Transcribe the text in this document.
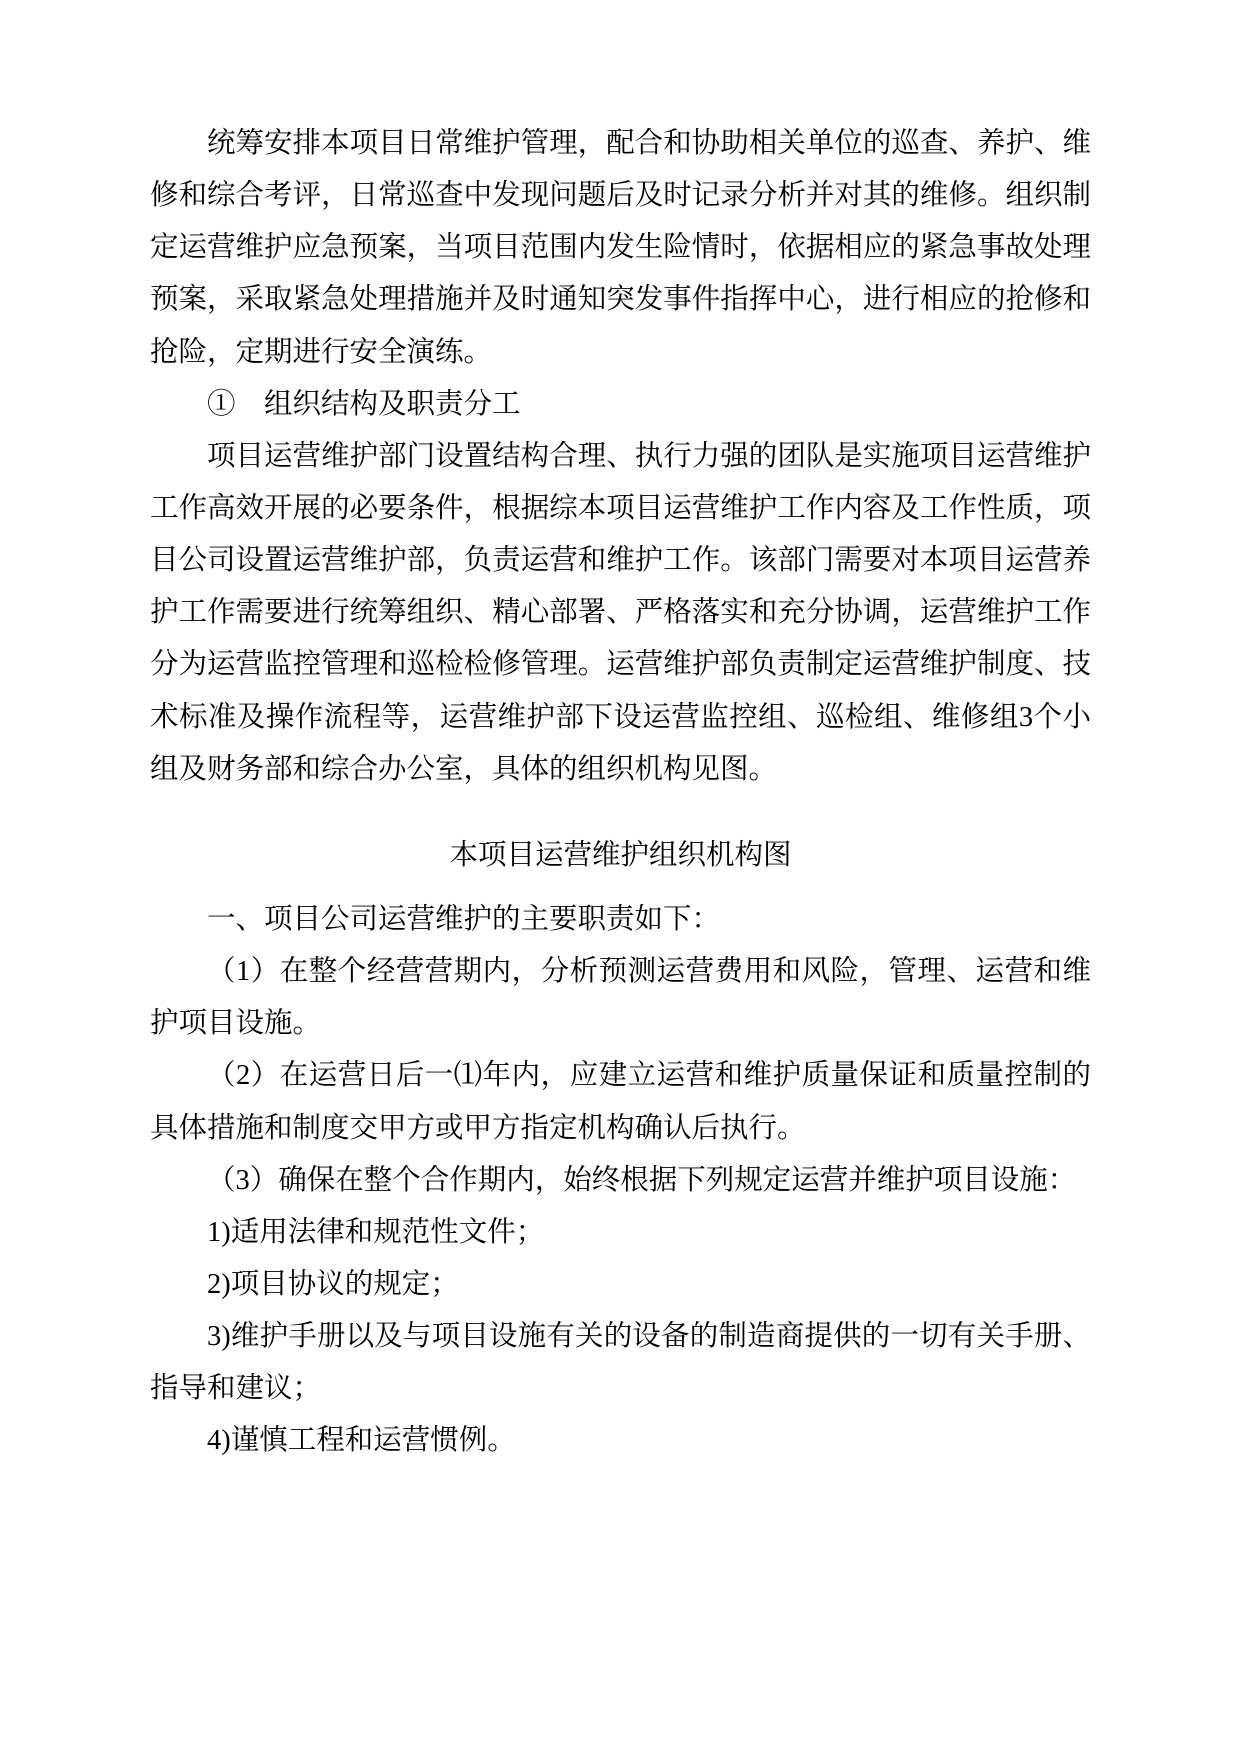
统筹安排本项目日常维护管理，配合和协助相关单位的巡查、养护、维修和综合考评，日常巡查中发现问题后及时记录分析并对其的维修。组织制定运营维护应急预案，当项目范围内发生险情时，依据相应的紧急事故处理预案，采取紧急处理措施并及时通知突发事件指挥中心，进行相应的抢修和抢险，定期进行安全演练。

①　组织结构及职责分工

项目运营维护部门设置结构合理、执行力强的团队是实施项目运营维护工作高效开展的必要条件，根据综本项目运营维护工作内容及工作性质，项目公司设置运营维护部，负责运营和维护工作。该部门需要对本项目运营养护工作需要进行统筹组织、精心部署、严格落实和充分协调，运营维护工作分为运营监控管理和巡检检修管理。运营维护部负责制定运营维护制度、技术标准及操作流程等，运营维护部下设运营监控组、巡检组、维修组3个小组及财务部和综合办公室，具体的组织机构见图。

本项目运营维护组织机构图

一、项目公司运营维护的主要职责如下：

（1）在整个经营营期内，分析预测运营费用和风险，管理、运营和维护项目设施。

（2）在运营日后一⑴年内，应建立运营和维护质量保证和质量控制的具体措施和制度交甲方或甲方指定机构确认后执行。

（3）确保在整个合作期内，始终根据下列规定运营并维护项目设施：

1)适用法律和规范性文件；

2)项目协议的规定；

3)维护手册以及与项目设施有关的设备的制造商提供的一切有关手册、指导和建议；

4)谨慎工程和运营惯例。
